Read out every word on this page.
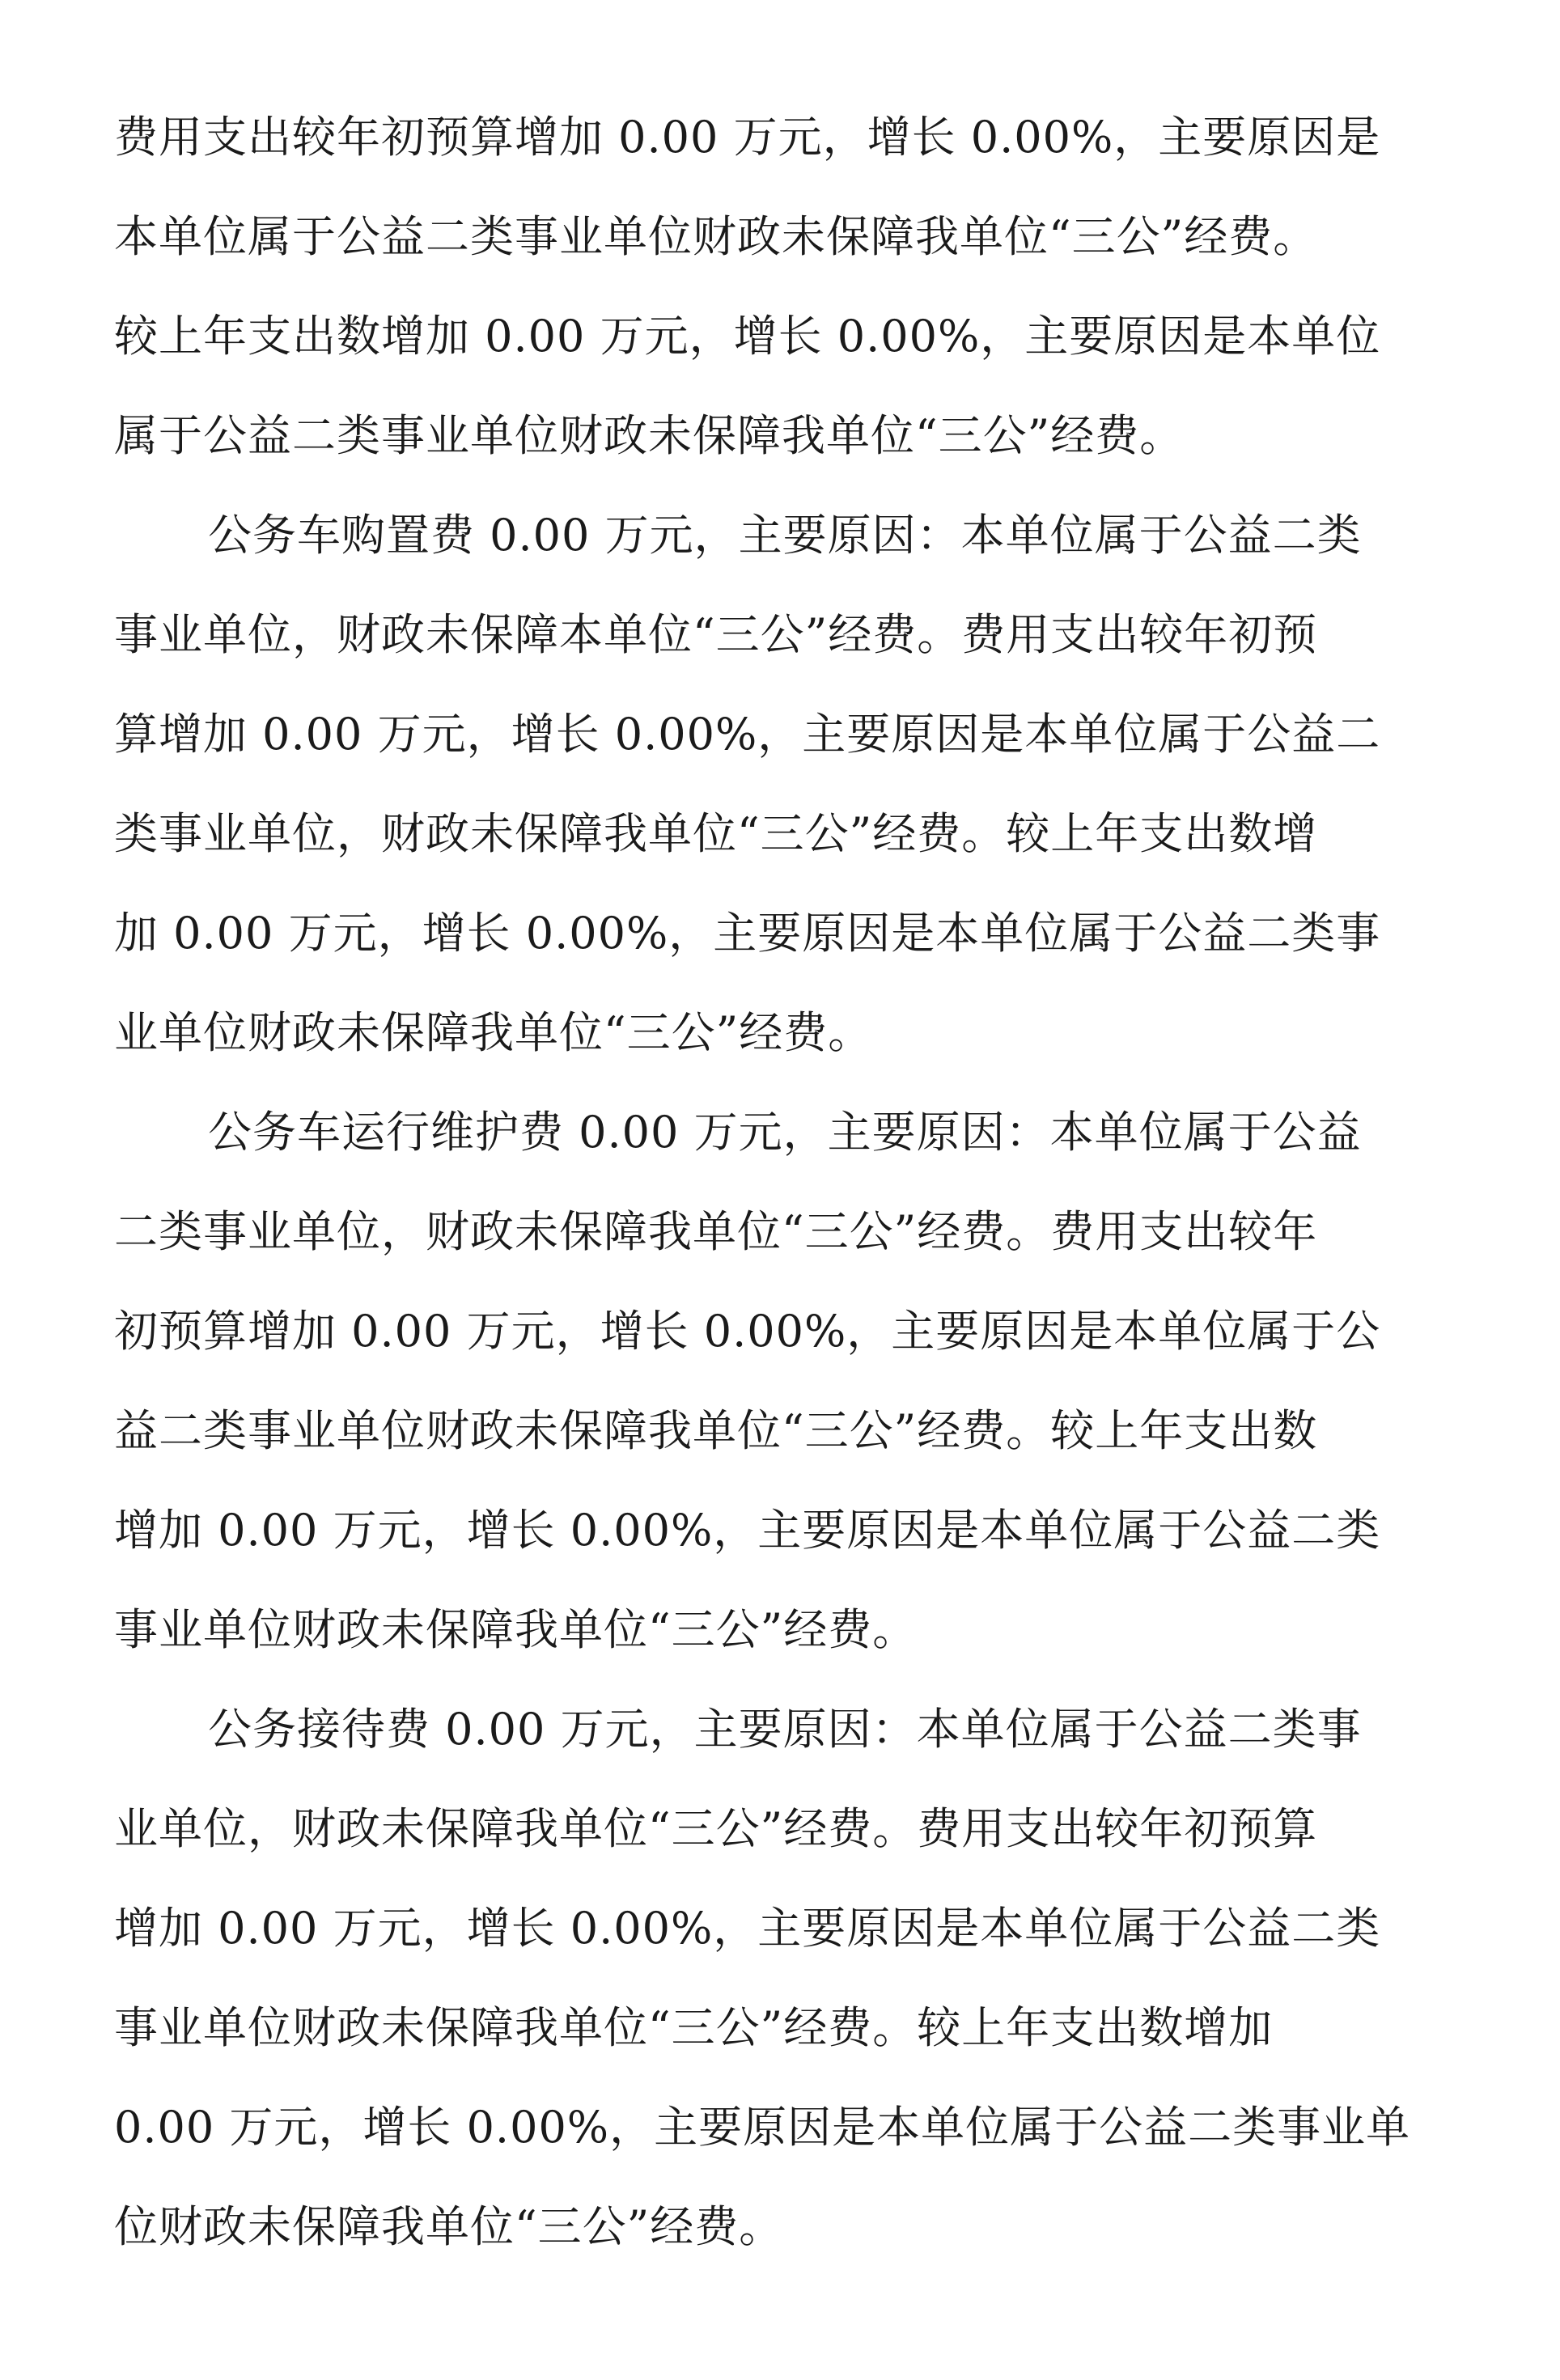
费用支出较年初预算增加 0.00 万元，增长 0.00%，主要原因是
本单位属于公益二类事业单位财政未保障我单位“三公”经费。
较上年支出数增加 0.00 万元，增长 0.00%，主要原因是本单位
属于公益二类事业单位财政未保障我单位“三公”经费。

公务车购置费 0.00 万元，主要原因：本单位属于公益二类
事业单位，财政未保障本单位“三公”经费。费用支出较年初预
算增加 0.00 万元，增长 0.00%，主要原因是本单位属于公益二
类事业单位，财政未保障我单位“三公”经费。较上年支出数增
加 0.00 万元，增长 0.00%，主要原因是本单位属于公益二类事
业单位财政未保障我单位“三公”经费。

公务车运行维护费 0.00 万元，主要原因：本单位属于公益
二类事业单位，财政未保障我单位“三公”经费。费用支出较年
初预算增加 0.00 万元，增长 0.00%，主要原因是本单位属于公
益二类事业单位财政未保障我单位“三公”经费。较上年支出数
增加 0.00 万元，增长 0.00%，主要原因是本单位属于公益二类
事业单位财政未保障我单位“三公”经费。

公务接待费 0.00 万元，主要原因：本单位属于公益二类事
业单位，财政未保障我单位“三公”经费。费用支出较年初预算
增加 0.00 万元，增长 0.00%，主要原因是本单位属于公益二类
事业单位财政未保障我单位“三公”经费。较上年支出数增加
0.00 万元，增长 0.00%，主要原因是本单位属于公益二类事业单
位财政未保障我单位“三公”经费。
